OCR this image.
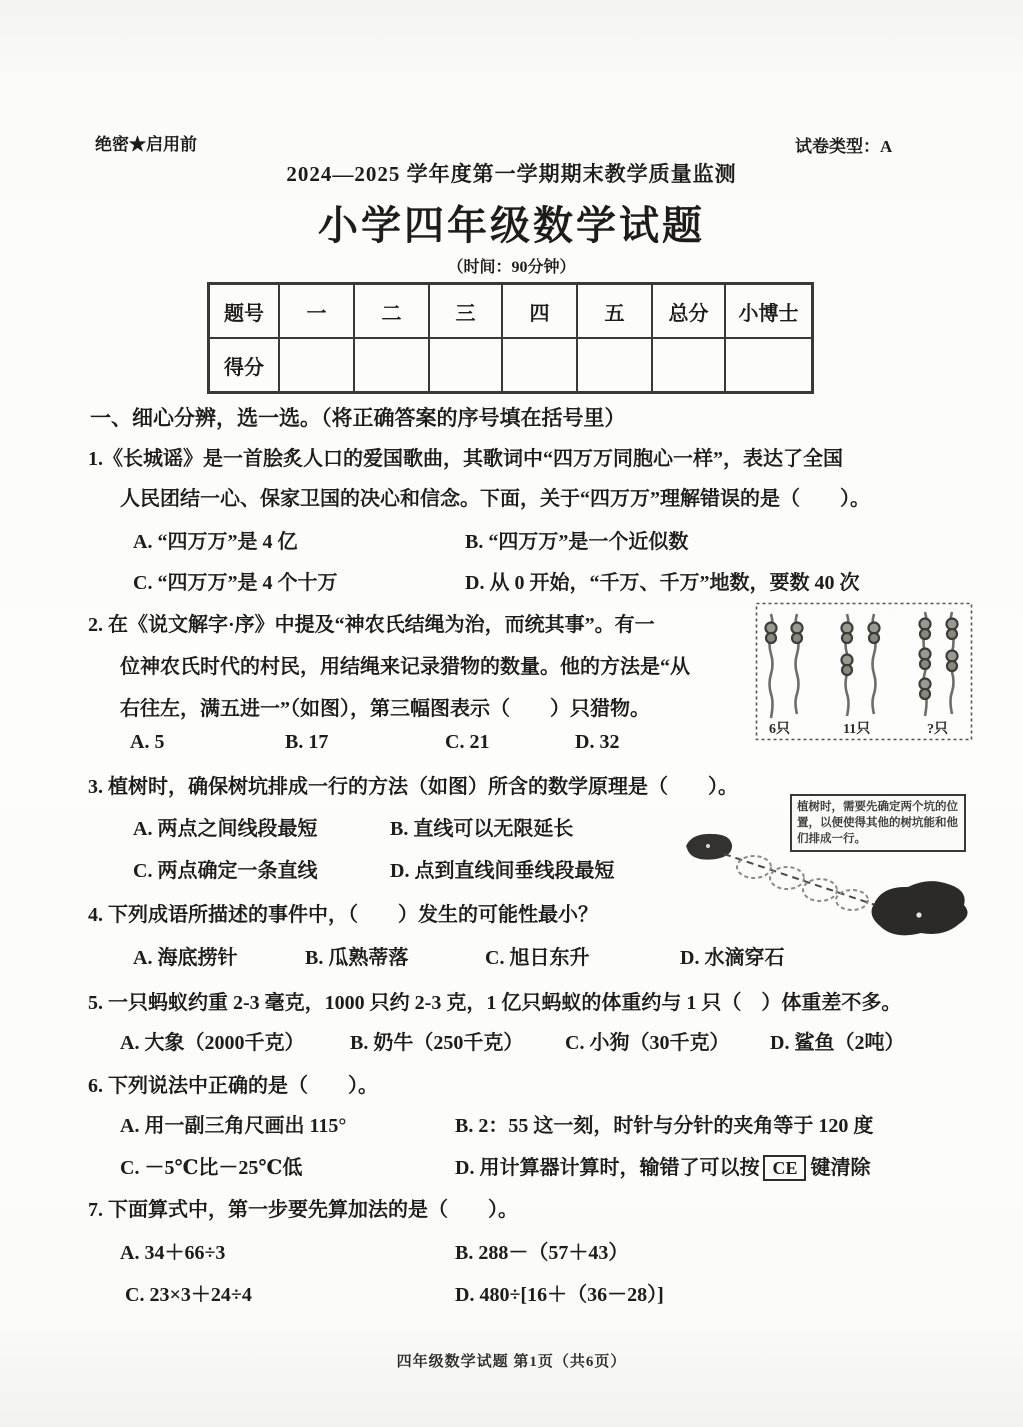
绝密★启用前	试卷类型：A
2024—2025 学年度第一学期期末教学质量监测
小学四年级数学试题
（时间：90分钟）
题号	一	二	三	四	五	总分	小博士
得分
一、细心分辨，选一选。（将正确答案的序号填在括号里）
1.《长城谣》是一首脍炙人口的爱国歌曲，其歌词中“四万万同胞心一样”，表达了全国
人民团结一心、保家卫国的决心和信念。下面，关于“四万万”理解错误的是（　　）。
A. “四万万”是 4 亿	B. “四万万”是一个近似数
C. “四万万”是 4 个十万	D. 从 0 开始，“千万、千万”地数，要数 40 次
2. 在《说文解字·序》中提及“神农氏结绳为治，而统其事”。有一
位神农氏时代的村民，用结绳来记录猎物的数量。他的方法是“从
右往左，满五进一”（如图），第三幅图表示（　　）只猎物。
A. 5	B. 17	C. 21	D. 32
6只	11只	?只
3. 植树时，确保树坑排成一行的方法（如图）所含的数学原理是（　　）。
A. 两点之间线段最短	B. 直线可以无限延长
C. 两点确定一条直线	D. 点到直线间垂线段最短
植树时，需要先确定两个坑的位置，以便使得其他的树坑能和他们排成一行。
4. 下列成语所描述的事件中，（　　）发生的可能性最小？
A. 海底捞针	B. 瓜熟蒂落	C. 旭日东升	D. 水滴穿石
5. 一只蚂蚁约重 2-3 毫克，1000 只约 2-3 克，1 亿只蚂蚁的体重约与 1 只（　）体重差不多。
A. 大象（2000千克） B. 奶牛（250千克） C. 小狗（30千克） D. 鲨鱼（2吨）
6. 下列说法中正确的是（　　）。
A. 用一副三角尺画出 115°	B. 2：55 这一刻，时针与分针的夹角等于 120 度
C. －5℃比－25℃低	D. 用计算器计算时，输错了可以按 CE 键清除
7. 下面算式中，第一步要先算加法的是（　　）。
A. 34＋66÷3	B. 288－（57＋43）
C. 23×3＋24÷4	D. 480÷[16＋（36－28）]
四年级数学试题 第1页（共6页）
